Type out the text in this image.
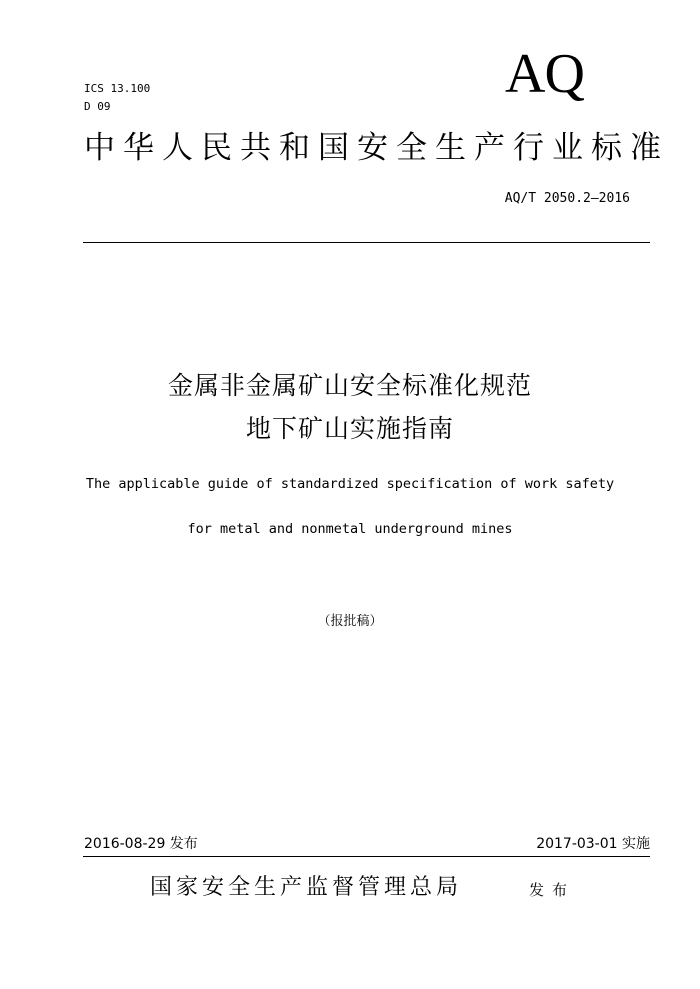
ICS 13.100
D 09
AQ
中华人民共和国安全生产行业标准
AQ/T 2050.2—2016
金属非金属矿山安全标准化规范
地下矿山实施指南
The applicable guide of standardized specification of work safety
for metal and nonmetal underground mines
（报批稿）
2016-08-29 发布	2017-03-01 实施
国家安全生产监督管理总局	发布
